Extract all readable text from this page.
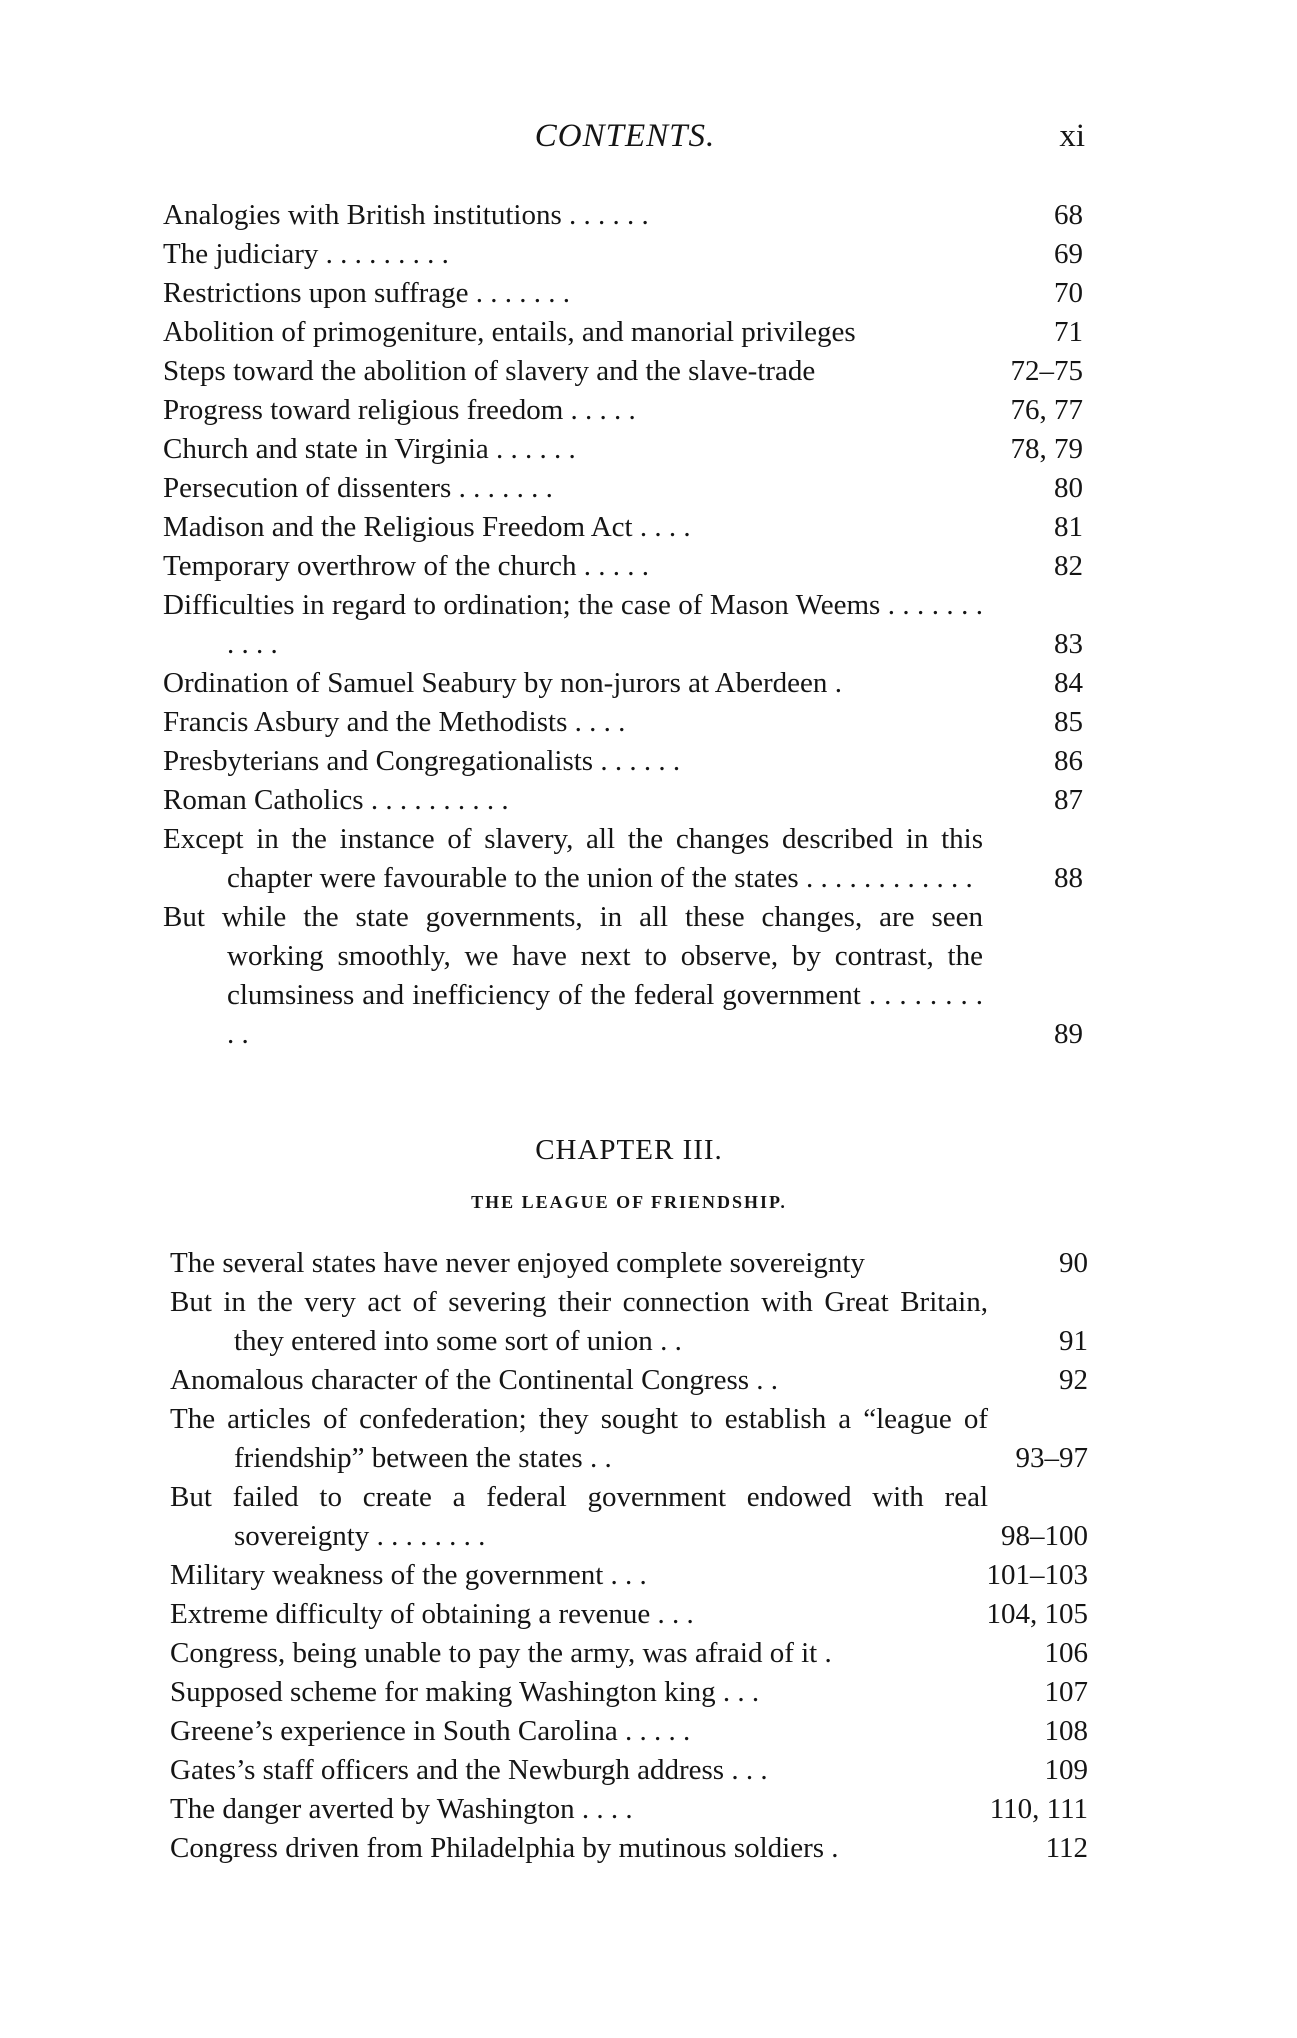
CONTENTS.	xi
Analogies with British institutions . . . . . .	68
The judiciary . . . . . . . . .	69
Restrictions upon suffrage . . . . . . .	70
Abolition of primogeniture, entails, and manorial privileges	71
Steps toward the abolition of slavery and the slave-trade	72–75
Progress toward religious freedom . . . . .	76, 77
Church and state in Virginia . . . . . .	78, 79
Persecution of dissenters . . . . . . .	80
Madison and the Religious Freedom Act . . . .	81
Temporary overthrow of the church . . . . .	82
Difficulties in regard to ordination; the case of Mason Weems . . . . . . . . . . .	83
Ordination of Samuel Seabury by non-jurors at Aberdeen .	84
Francis Asbury and the Methodists . . . .	85
Presbyterians and Congregationalists . . . . . .	86
Roman Catholics . . . . . . . . . .	87
Except in the instance of slavery, all the changes described in this chapter were favourable to the union of the states . . . . . . . . . . . .	88
But while the state governments, in all these changes, are seen working smoothly, we have next to observe, by contrast, the clumsiness and inefficiency of the federal government . . . . . . . . . .	89
CHAPTER III.
THE LEAGUE OF FRIENDSHIP.
The several states have never enjoyed complete sovereignty	90
But in the very act of severing their connection with Great Britain, they entered into some sort of union . .	91
Anomalous character of the Continental Congress . .	92
The articles of confederation; they sought to establish a “league of friendship” between the states . .	93–97
But failed to create a federal government endowed with real sovereignty . . . . . . . .	98–100
Military weakness of the government . . .	101–103
Extreme difficulty of obtaining a revenue . . .	104, 105
Congress, being unable to pay the army, was afraid of it .	106
Supposed scheme for making Washington king . . .	107
Greene’s experience in South Carolina . . . . .	108
Gates’s staff officers and the Newburgh address . . .	109
The danger averted by Washington . . . .	110, 111
Congress driven from Philadelphia by mutinous soldiers .	112
